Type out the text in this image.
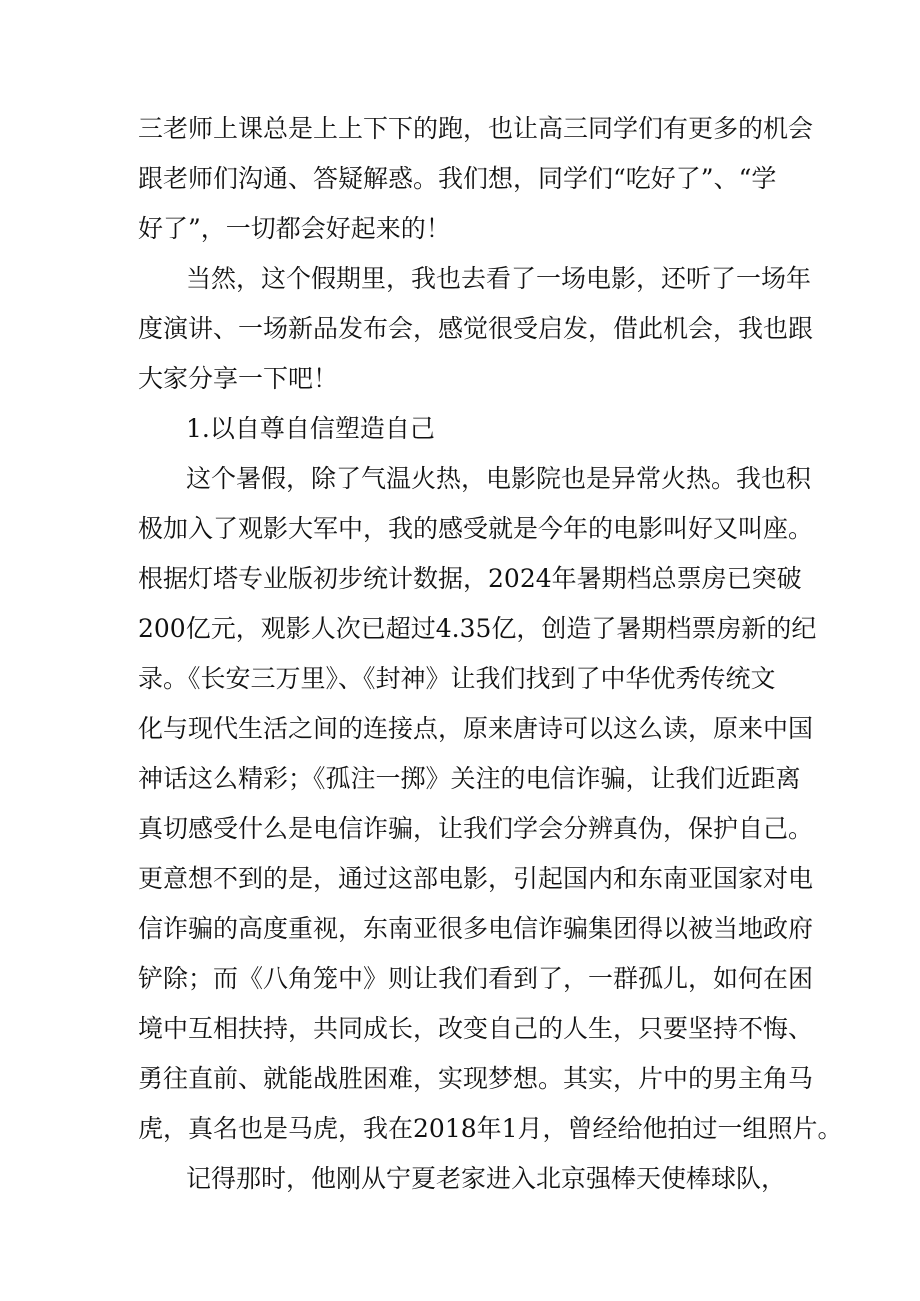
三老师上课总是上上下下的跑，也让高三同学们有更多的机会
跟老师们沟通、答疑解惑。我们想，同学们“吃好了”、“学
好了”，一切都会好起来的！
当然，这个假期里，我也去看了一场电影，还听了一场年
度演讲、一场新品发布会，感觉很受启发，借此机会，我也跟
大家分享一下吧！
1.以自尊自信塑造自己
这个暑假，除了气温火热，电影院也是异常火热。我也积
极加入了观影大军中，我的感受就是今年的电影叫好又叫座。
根据灯塔专业版初步统计数据，2024年暑期档总票房已突破
200亿元，观影人次已超过4.35亿，创造了暑期档票房新的纪
录。《长安三万里》、《封神》让我们找到了中华优秀传统文
化与现代生活之间的连接点，原来唐诗可以这么读，原来中国
神话这么精彩；《孤注一掷》关注的电信诈骗，让我们近距离
真切感受什么是电信诈骗，让我们学会分辨真伪，保护自己。
更意想不到的是，通过这部电影，引起国内和东南亚国家对电
信诈骗的高度重视，东南亚很多电信诈骗集团得以被当地政府
铲除；而《八角笼中》则让我们看到了，一群孤儿，如何在困
境中互相扶持，共同成长，改变自己的人生，只要坚持不悔、
勇往直前、就能战胜困难，实现梦想。其实，片中的男主角马
虎，真名也是马虎，我在2018年1月，曾经给他拍过一组照片。
记得那时，他刚从宁夏老家进入北京强棒天使棒球队，
